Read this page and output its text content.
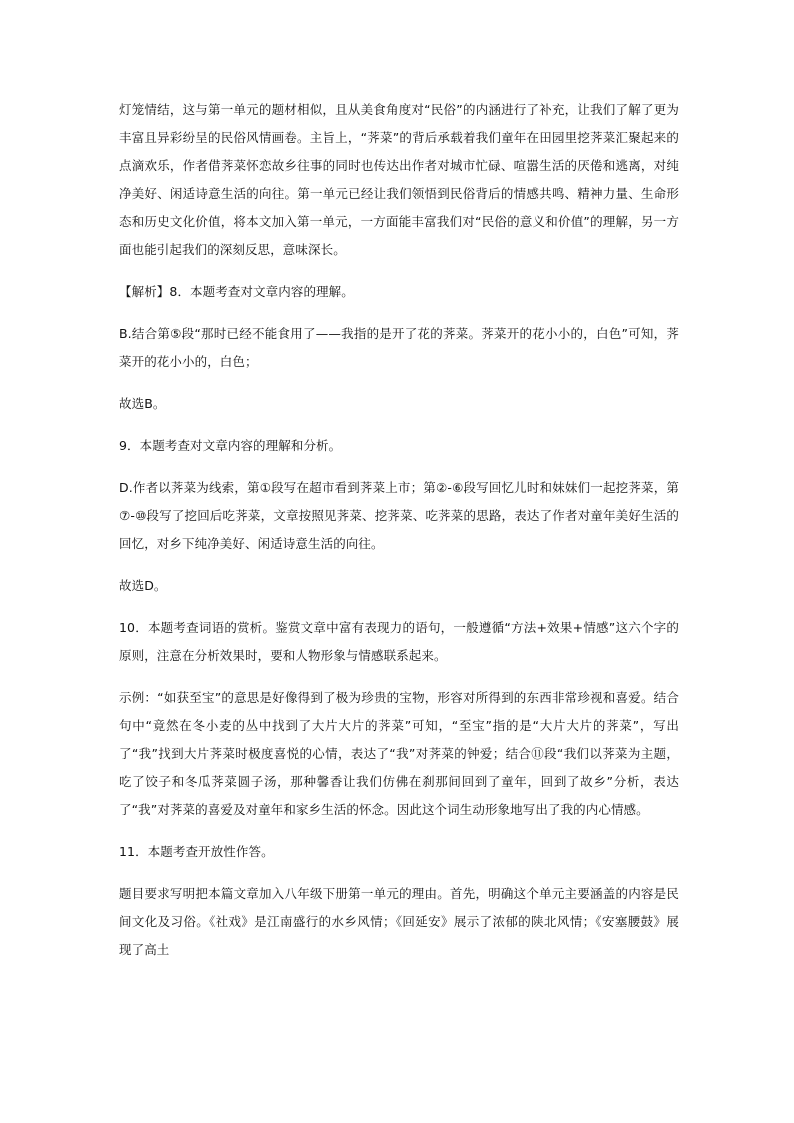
灯笼情结，这与第一单元的题材相似，且从美食角度对“民俗”的内涵进行了补充，让我们了解了更为丰富且异彩纷呈的民俗风情画卷。主旨上，“荠菜”的背后承载着我们童年在田园里挖荠菜汇聚起来的点滴欢乐，作者借荠菜怀恋故乡往事的同时也传达出作者对城市忙碌、喧嚣生活的厌倦和逃离，对纯净美好、闲适诗意生活的向往。第一单元已经让我们领悟到民俗背后的情感共鸣、精神力量、生命形态和历史文化价值，将本文加入第一单元，一方面能丰富我们对“民俗的意义和价值”的理解，另一方面也能引起我们的深刻反思，意味深长。

【解析】8．本题考查对文章内容的理解。

B.结合第⑤段“那时已经不能食用了——我指的是开了花的荠菜。荠菜开的花小小的，白色”可知，荠菜开的花小小的，白色；

故选B。

9．本题考查对文章内容的理解和分析。

D.作者以荠菜为线索，第①段写在超市看到荠菜上市；第②-⑥段写回忆儿时和妹妹们一起挖荠菜，第⑦-⑩段写了挖回后吃荠菜，文章按照见荠菜、挖荠菜、吃荠菜的思路，表达了作者对童年美好生活的回忆，对乡下纯净美好、闲适诗意生活的向往。

故选D。

10．本题考查词语的赏析。鉴赏文章中富有表现力的语句，一般遵循“方法+效果+情感”这六个字的原则，注意在分析效果时，要和人物形象与情感联系起来。

示例：“如获至宝”的意思是好像得到了极为珍贵的宝物，形容对所得到的东西非常珍视和喜爱。结合句中“竟然在冬小麦的丛中找到了大片大片的荠菜”可知，“至宝”指的是“大片大片的荠菜”，写出了“我”找到大片荠菜时极度喜悦的心情，表达了“我”对荠菜的钟爱；结合⑪段“我们以荠菜为主题，吃了饺子和冬瓜荠菜圆子汤，那种馨香让我们仿佛在刹那间回到了童年，回到了故乡”分析，表达了“我”对荠菜的喜爱及对童年和家乡生活的怀念。因此这个词生动形象地写出了我的内心情感。

11．本题考查开放性作答。

题目要求写明把本篇文章加入八年级下册第一单元的理由。首先，明确这个单元主要涵盖的内容是民间文化及习俗。《社戏》是江南盛行的水乡风情；《回延安》展示了浓郁的陕北风情；《安塞腰鼓》展现了高土
